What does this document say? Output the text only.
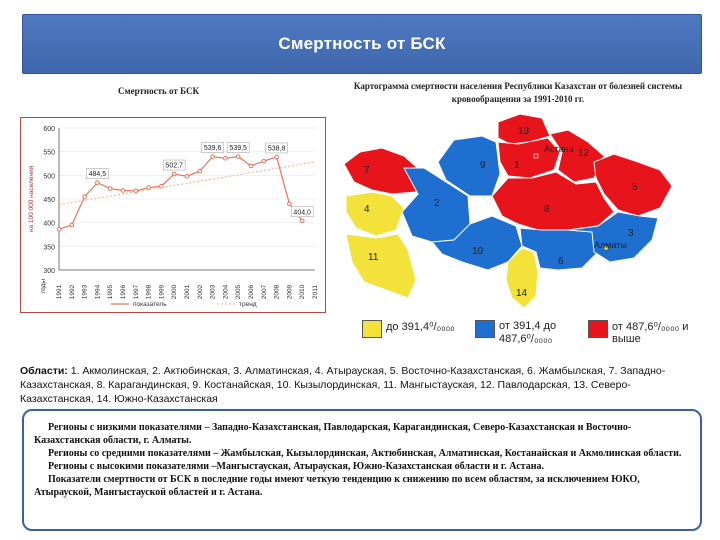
Смертность от БСК
Смертность от БСК	Картограмма смертности населения Республики Казахстан от болезней системы кровообращения за 1991-2010 гг.
300
350
400
450
500
550
600
на 100 000 населения
годы 1991 1992 1993 1994 1995 1996 1997 1998 1999 2000 2001 2002 2003 2004 2005 2006 2007 2008 2009 2010 2011
484,5
502,7
539,6 539,5	538,8
404,0
показатель	тренд
7
4
11
2
9
13
1
Астана 12
5
8
3
Алматы
10
6
14
до 391,4⁰/₀₀₀₀	от 391,4 до 487,6⁰/₀₀₀₀
от 487,6⁰/₀₀₀₀ и выше
Области: 1. Акмолинская, 2. Актюбинская, 3. Алматинская, 4. Атырауская, 5. Восточно-Казахстанская, 6. Жамбылская, 7. Западно-Казахстанская, 8. Карагандинская, 9. Костанайская, 10. Кызылординская, 11. Мангыстауская, 12. Павлодарская, 13. Северо-Казахстанская, 14. Южно-Казахстанская

Регионы с низкими показателями – Западно-Казахстанская, Павлодарская, Карагандинская, Северо-Казахстанская и Восточно-Казахстанская области, г. Алматы.

Регионы со средними показателями – Жамбылская, Кызылординская, Актюбинская, Алматинская, Костанайская и Акмолинская области.

Регионы с высокими показателями –Мангыстауская, Атырауская, Южно-Казахстанская области и г. Астана.

Показатели смертности от БСК в последние годы имеют четкую тенденцию к снижению по всем областям, за исключением ЮКО, Атырауской, Мангыстауской областей и г. Астана.
